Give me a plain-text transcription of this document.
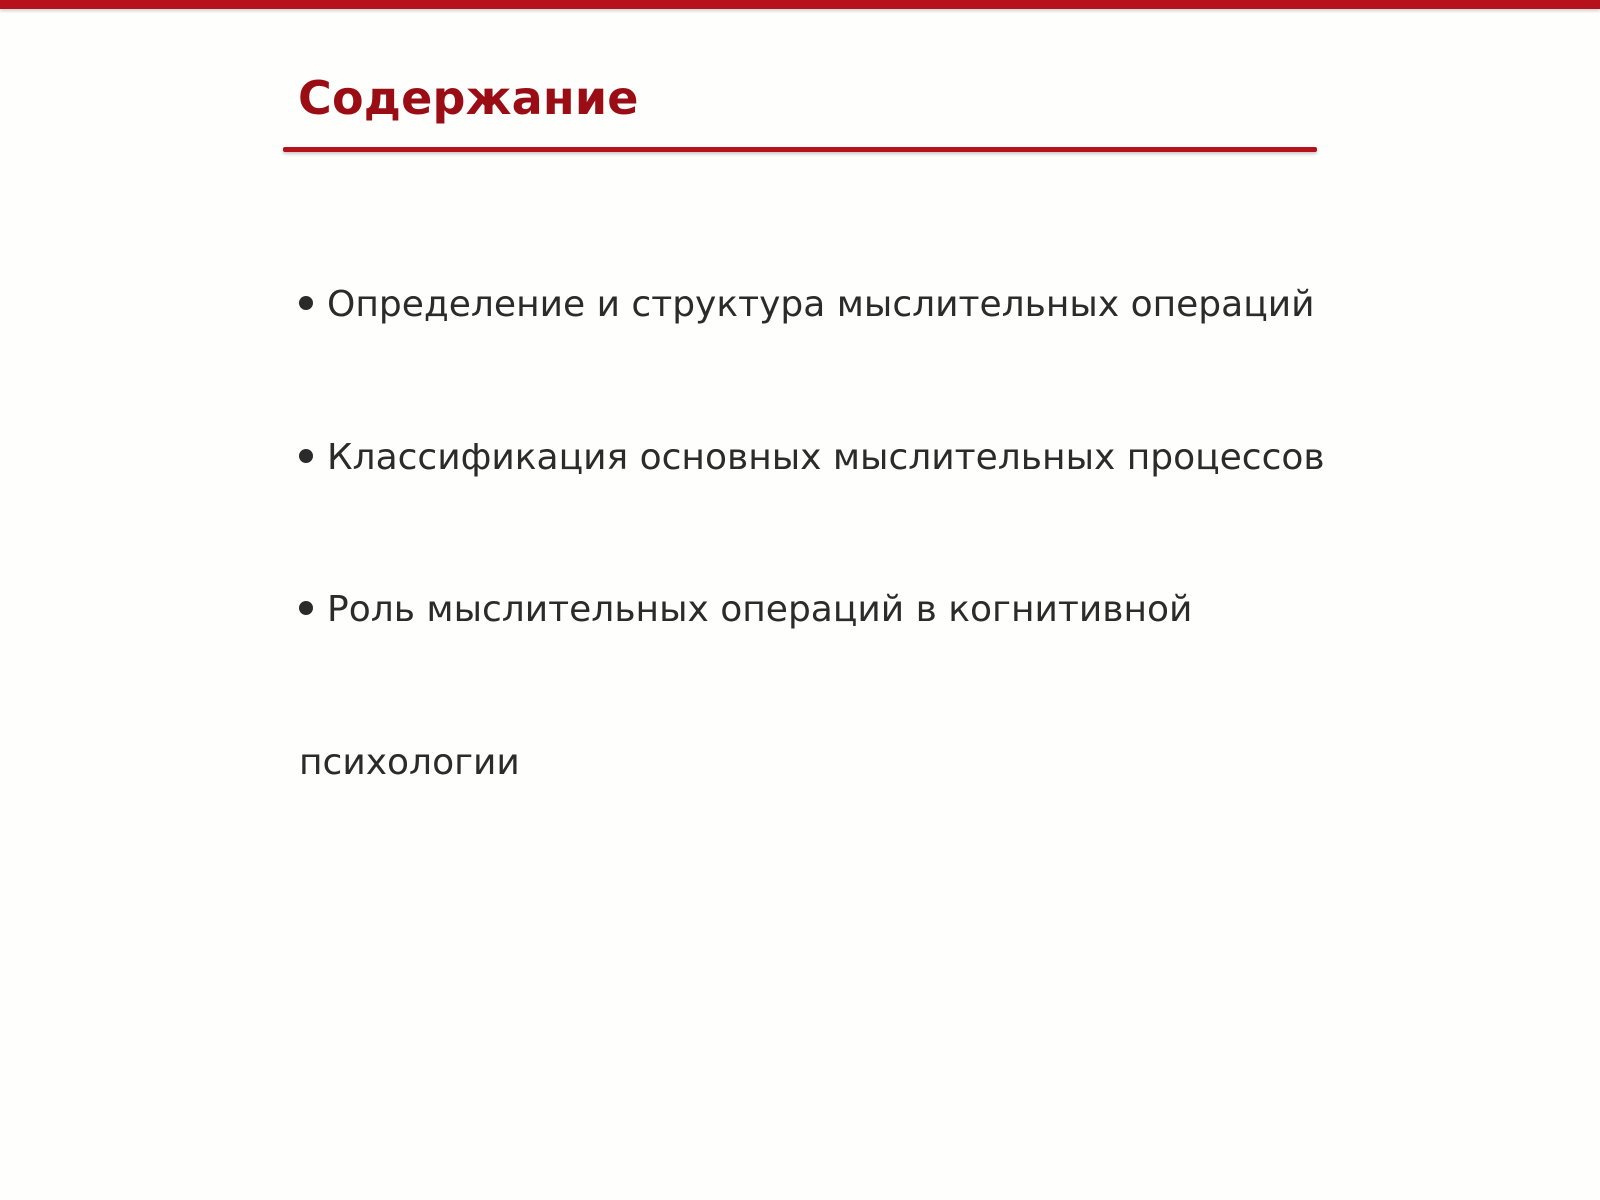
Содержание
Определение и структура мыслительных операций
Классификация основных мыслительных процессов
Роль мыслительных операций в когнитивной
психологии
